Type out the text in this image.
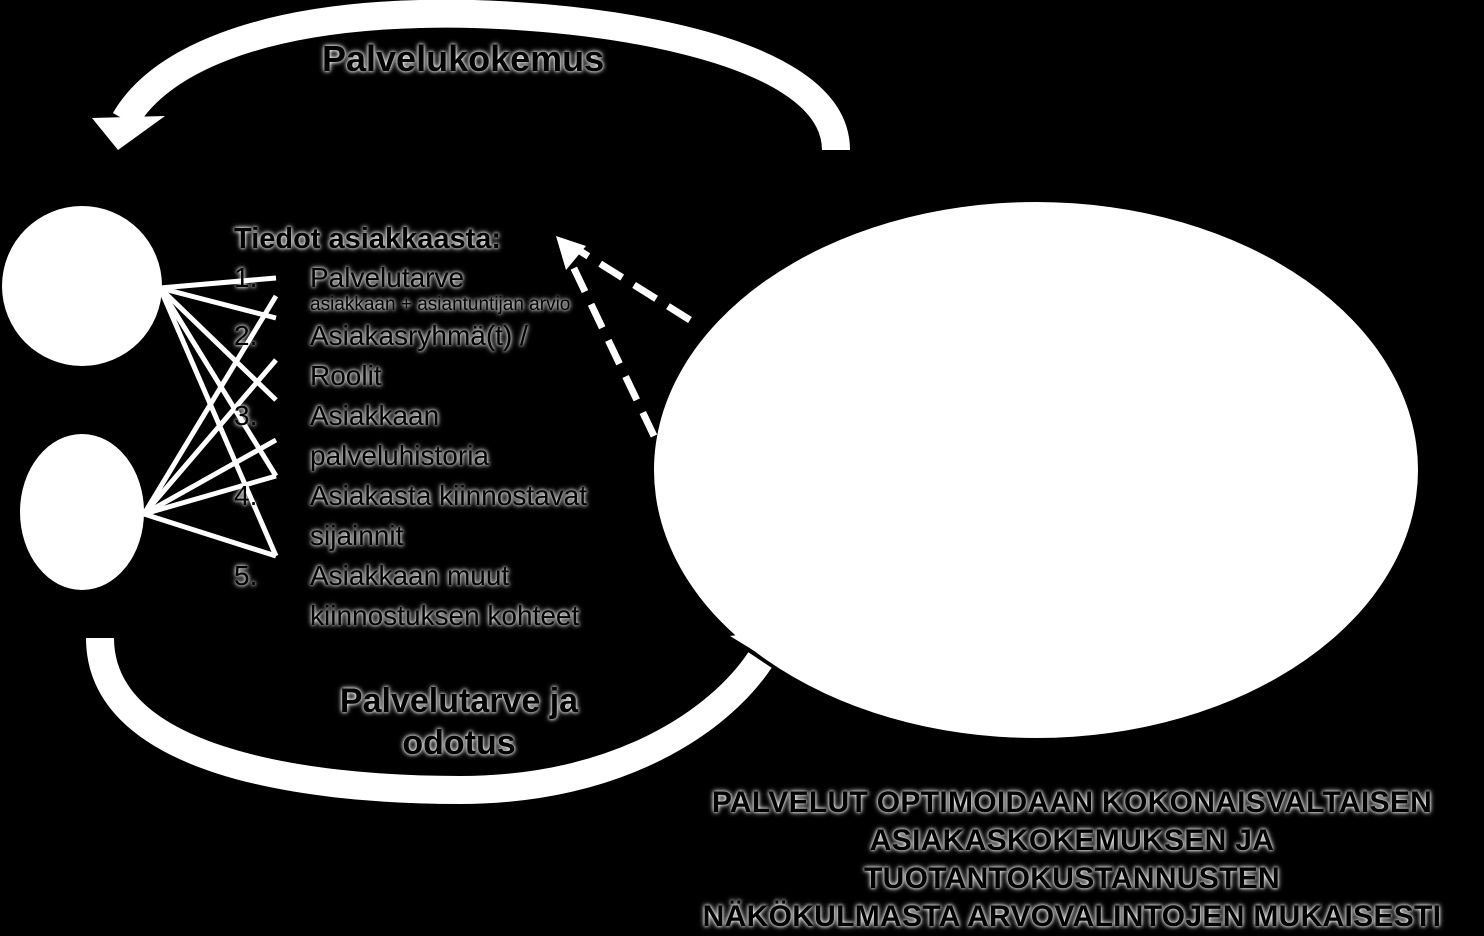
Palvelukokemus
Palvelutarve ja odotus
Tiedot asiakkaasta:
1.	Palvelutarve
asiakkaan + asiantuntijan arvio
2.	Asiakasryhmä(t) /
Roolit
3.	Asiakkaan
palveluhistoria
4.	Asiakasta kiinnostavat
sijainnit
5.	Asiakkaan muut
kiinnostuksen kohteet
PALVELUT OPTIMOIDAAN KOKONAISVALTAISEN
ASIAKASKOKEMUKSEN JA TUOTANTOKUSTANNUSTEN
NÄKÖKULMASTA ARVOVALINTOJEN MUKAISESTI
